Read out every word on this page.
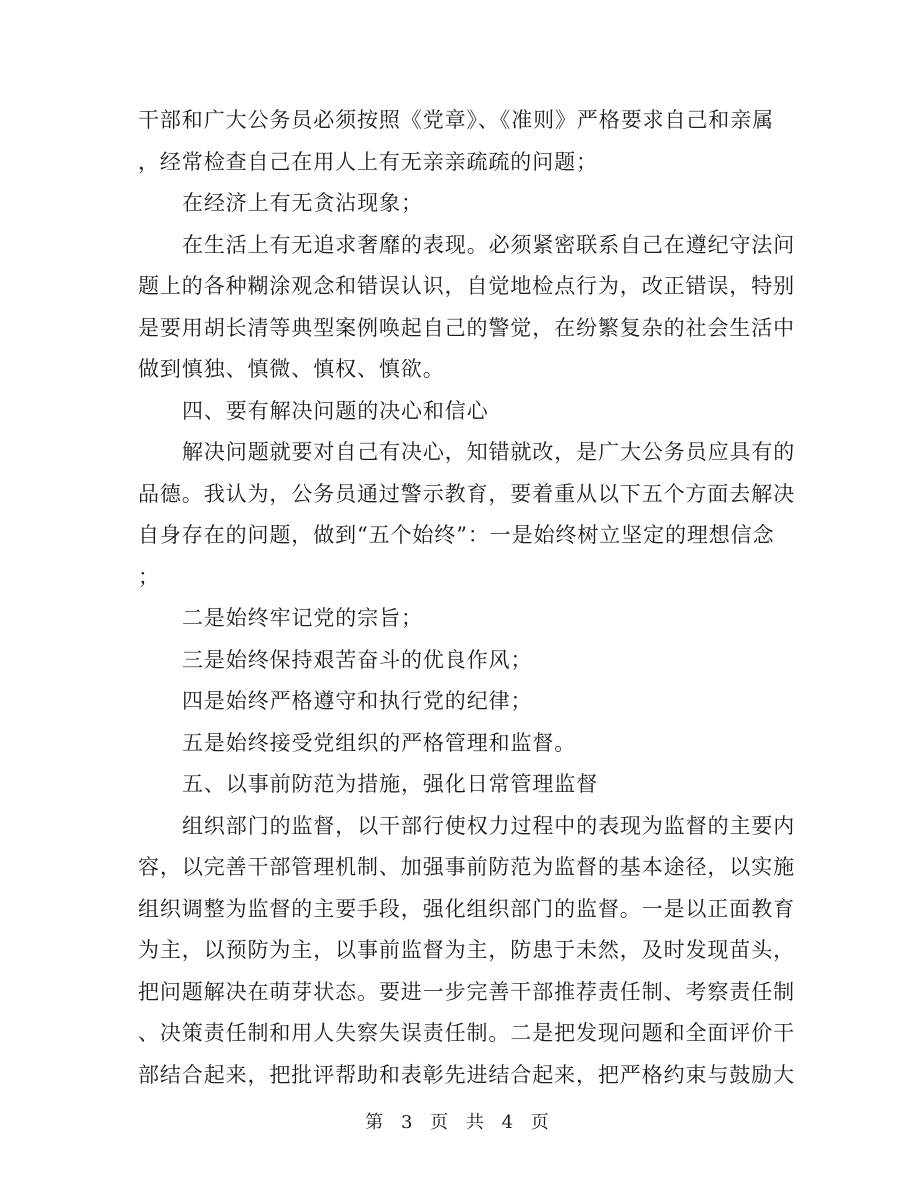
干部和广大公务员必须按照《党章》、《准则》严格要求自己和亲属
，经常检查自己在用人上有无亲亲疏疏的问题；
在经济上有无贪沾现象；
在生活上有无追求奢靡的表现。必须紧密联系自己在遵纪守法问
题上的各种糊涂观念和错误认识，自觉地检点行为，改正错误，特别
是要用胡长清等典型案例唤起自己的警觉，在纷繁复杂的社会生活中
做到慎独、慎微、慎权、慎欲。
四、要有解决问题的决心和信心
解决问题就要对自己有决心，知错就改，是广大公务员应具有的
品德。我认为，公务员通过警示教育，要着重从以下五个方面去解决
自身存在的问题，做到“五个始终”：一是始终树立坚定的理想信念
；
二是始终牢记党的宗旨；
三是始终保持艰苦奋斗的优良作风；
四是始终严格遵守和执行党的纪律；
五是始终接受党组织的严格管理和监督。
五、以事前防范为措施，强化日常管理监督
组织部门的监督，以干部行使权力过程中的表现为监督的主要内
容，以完善干部管理机制、加强事前防范为监督的基本途径，以实施
组织调整为监督的主要手段，强化组织部门的监督。一是以正面教育
为主，以预防为主，以事前监督为主，防患于未然，及时发现苗头，
把问题解决在萌芽状态。要进一步完善干部推荐责任制、考察责任制
、决策责任制和用人失察失误责任制。二是把发现问题和全面评价干
部结合起来，把批评帮助和表彰先进结合起来，把严格约束与鼓励大
第 3 页 共 4 页
